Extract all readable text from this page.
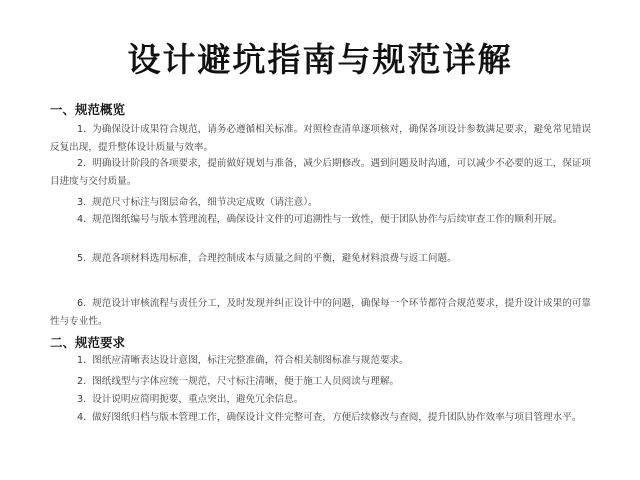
设计避坑指南与规范详解
一、规范概览
1. 为确保设计成果符合规范，请务必遵循相关标准。对照检查清单逐项核对，确保各项设计参数满足要求，避免常见错误反复出现，提升整体设计质量与效率。
2. 明确设计阶段的各项要求，提前做好规划与准备，减少后期修改。遇到问题及时沟通，可以减少不必要的返工，保证项目进度与交付质量。
3. 规范尺寸标注与图层命名，细节决定成败（请注意）。
4. 规范图纸编号与版本管理流程，确保设计文件的可追溯性与一致性，便于团队协作与后续审查工作的顺利开展。
5. 规范各项材料选用标准，合理控制成本与质量之间的平衡，避免材料浪费与返工问题。
6. 规范设计审核流程与责任分工，及时发现并纠正设计中的问题，确保每一个环节都符合规范要求，提升设计成果的可靠性与专业性。
二、规范要求
1. 图纸应清晰表达设计意图，标注完整准确，符合相关制图标准与规范要求。
2. 图纸线型与字体应统一规范，尺寸标注清晰，便于施工人员阅读与理解。
3. 设计说明应简明扼要，重点突出，避免冗余信息。
4. 做好图纸归档与版本管理工作，确保设计文件完整可查，方便后续修改与查阅，提升团队协作效率与项目管理水平。
